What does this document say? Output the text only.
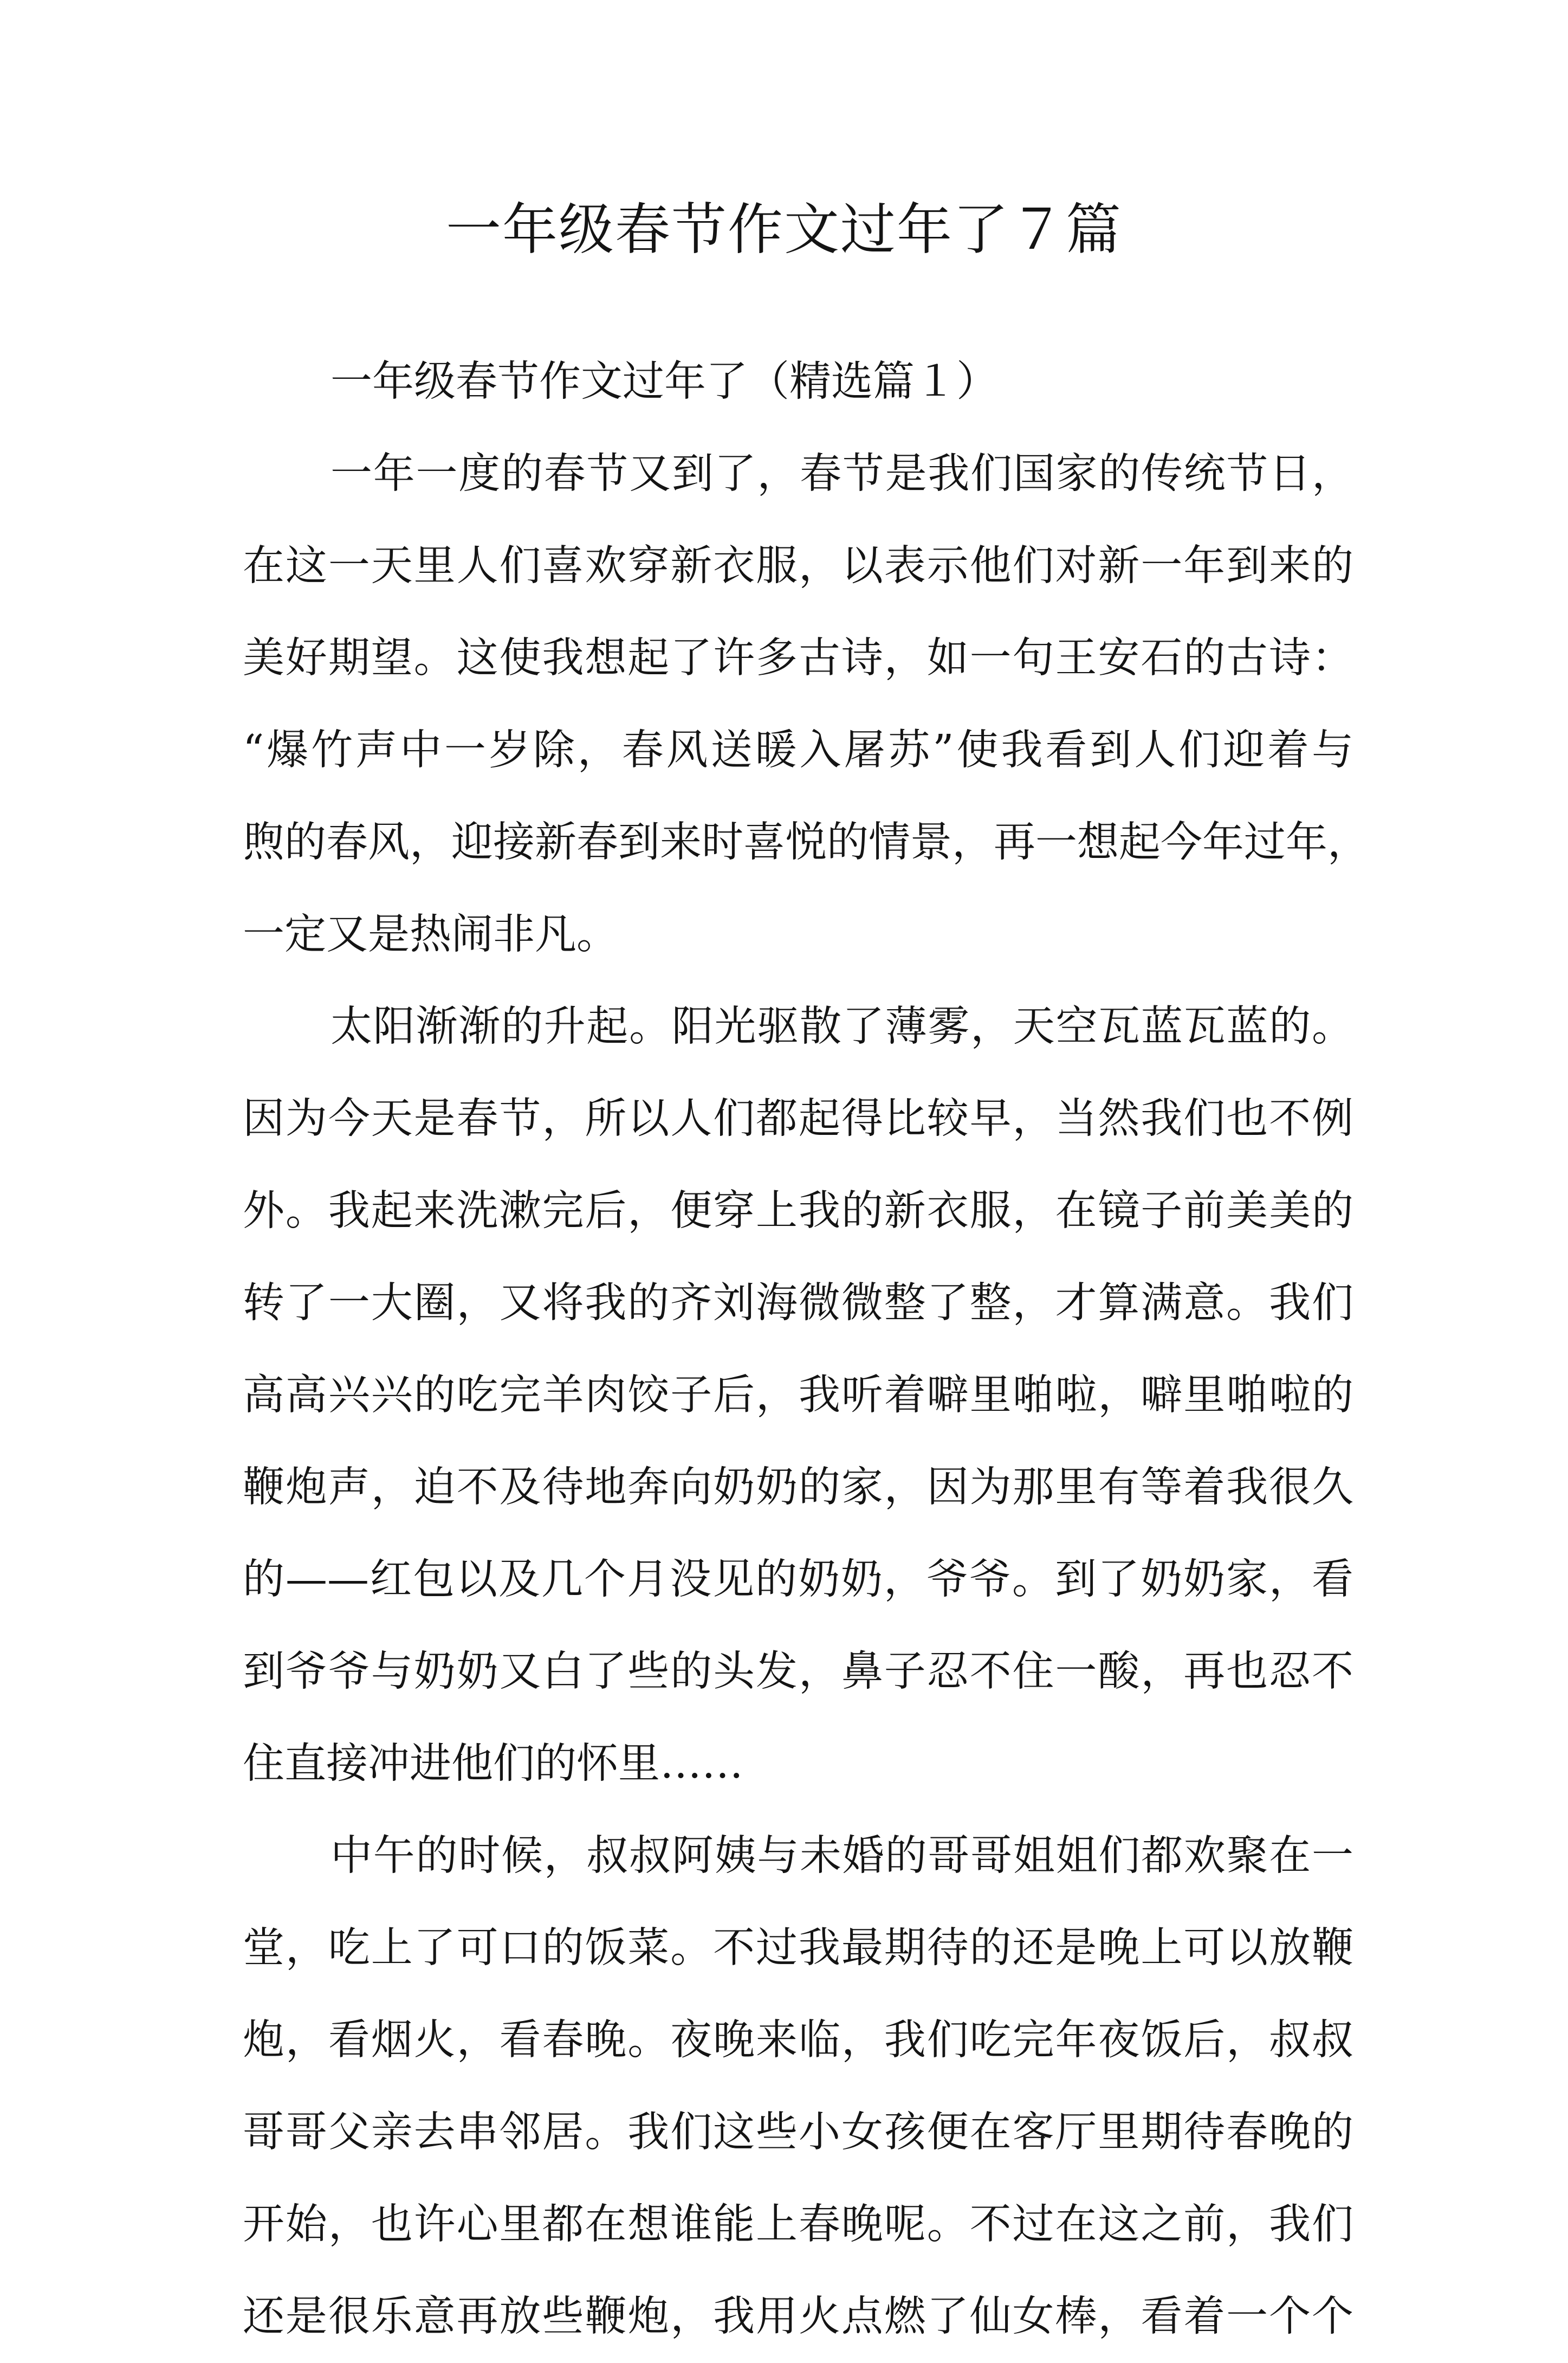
一年级春节作文过年了７篇
一年级春节作文过年了（精选篇１）
一年一度的春节又到了，春节是我们国家的传统节日，
在这一天里人们喜欢穿新衣服，以表示他们对新一年到来的
美好期望。这使我想起了许多古诗，如一句王安石的古诗：
“爆竹声中一岁除，春风送暖入屠苏”使我看到人们迎着与
煦的春风，迎接新春到来时喜悦的情景，再一想起今年过年，
一定又是热闹非凡。
太阳渐渐的升起。阳光驱散了薄雾，天空瓦蓝瓦蓝的。
因为今天是春节，所以人们都起得比较早，当然我们也不例
外。我起来洗漱完后，便穿上我的新衣服，在镜子前美美的
转了一大圈，又将我的齐刘海微微整了整，才算满意。我们
高高兴兴的吃完羊肉饺子后，我听着噼里啪啦，噼里啪啦的
鞭炮声，迫不及待地奔向奶奶的家，因为那里有等着我很久
的——红包以及几个月没见的奶奶，爷爷。到了奶奶家，看
到爷爷与奶奶又白了些的头发，鼻子忍不住一酸，再也忍不
住直接冲进他们的怀里……
中午的时候，叔叔阿姨与未婚的哥哥姐姐们都欢聚在一
堂，吃上了可口的饭菜。不过我最期待的还是晚上可以放鞭
炮，看烟火，看春晚。夜晚来临，我们吃完年夜饭后，叔叔
哥哥父亲去串邻居。我们这些小女孩便在客厅里期待春晚的
开始，也许心里都在想谁能上春晚呢。不过在这之前，我们
还是很乐意再放些鞭炮，我用火点燃了仙女棒，看着一个个
